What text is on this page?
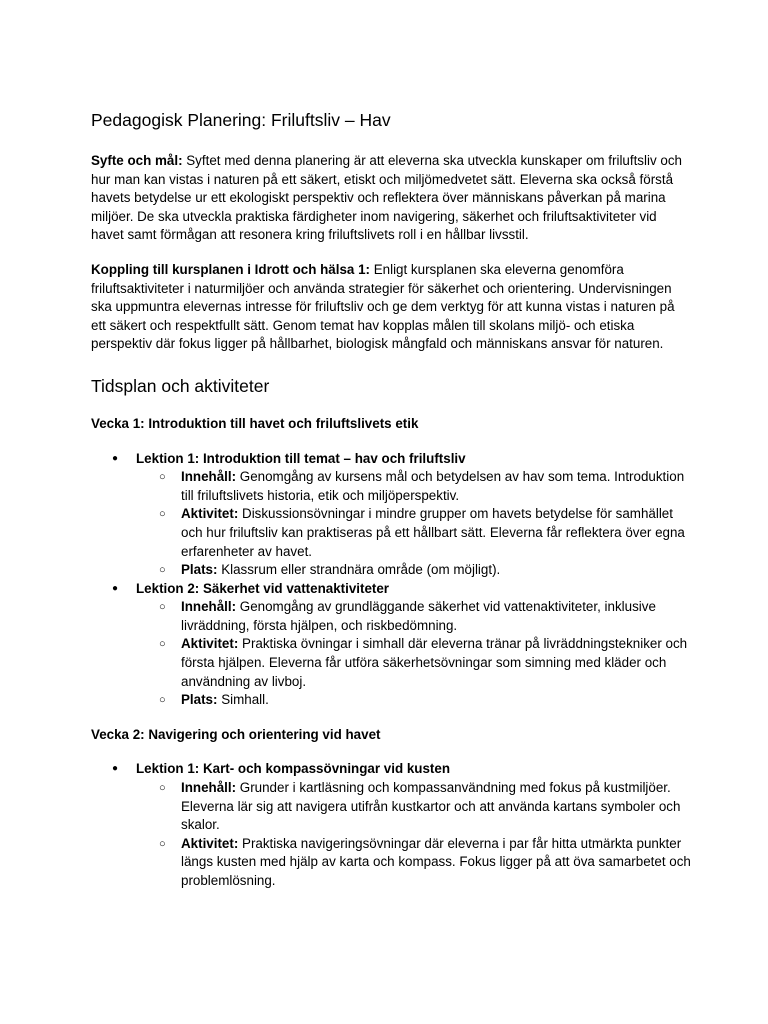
Pedagogisk Planering: Friluftsliv – Hav

Syfte och mål: Syftet med denna planering är att eleverna ska utveckla kunskaper om friluftsliv och hur man kan vistas i naturen på ett säkert, etiskt och miljömedvetet sätt. Eleverna ska också förstå havets betydelse ur ett ekologiskt perspektiv och reflektera över människans påverkan på marina miljöer. De ska utveckla praktiska färdigheter inom navigering, säkerhet och friluftsaktiviteter vid havet samt förmågan att resonera kring friluftslivets roll i en hållbar livsstil.

Koppling till kursplanen i Idrott och hälsa 1: Enligt kursplanen ska eleverna genomföra friluftsaktiviteter i naturmiljöer och använda strategier för säkerhet och orientering. Undervisningen ska uppmuntra elevernas intresse för friluftsliv och ge dem verktyg för att kunna vistas i naturen på ett säkert och respektfullt sätt. Genom temat hav kopplas målen till skolans miljö- och etiska perspektiv där fokus ligger på hållbarhet, biologisk mångfald och människans ansvar för naturen.

Tidsplan och aktiviteter
Vecka 1: Introduktion till havet och friluftslivets etik
● Lektion 1: Introduktion till temat – hav och friluftsliv
○ Innehåll: Genomgång av kursens mål och betydelsen av hav som tema. Introduktion till friluftslivets historia, etik och miljöperspektiv.
○ Aktivitet: Diskussionsövningar i mindre grupper om havets betydelse för samhället och hur friluftsliv kan praktiseras på ett hållbart sätt. Eleverna får reflektera över egna erfarenheter av havet.
○ Plats: Klassrum eller strandnära område (om möjligt).
● Lektion 2: Säkerhet vid vattenaktiviteter
○ Innehåll: Genomgång av grundläggande säkerhet vid vattenaktiviteter, inklusive livräddning, första hjälpen, och riskbedömning.
○ Aktivitet: Praktiska övningar i simhall där eleverna tränar på livräddningstekniker och första hjälpen. Eleverna får utföra säkerhetsövningar som simning med kläder och användning av livboj.
○ Plats: Simhall.
Vecka 2: Navigering och orientering vid havet
● Lektion 1: Kart- och kompassövningar vid kusten
○ Innehåll: Grunder i kartläsning och kompassanvändning med fokus på kustmiljöer. Eleverna lär sig att navigera utifrån kustkartor och att använda kartans symboler och skalor.
○ Aktivitet: Praktiska navigeringsövningar där eleverna i par får hitta utmärkta punkter längs kusten med hjälp av karta och kompass. Fokus ligger på att öva samarbetet och problemlösning.
